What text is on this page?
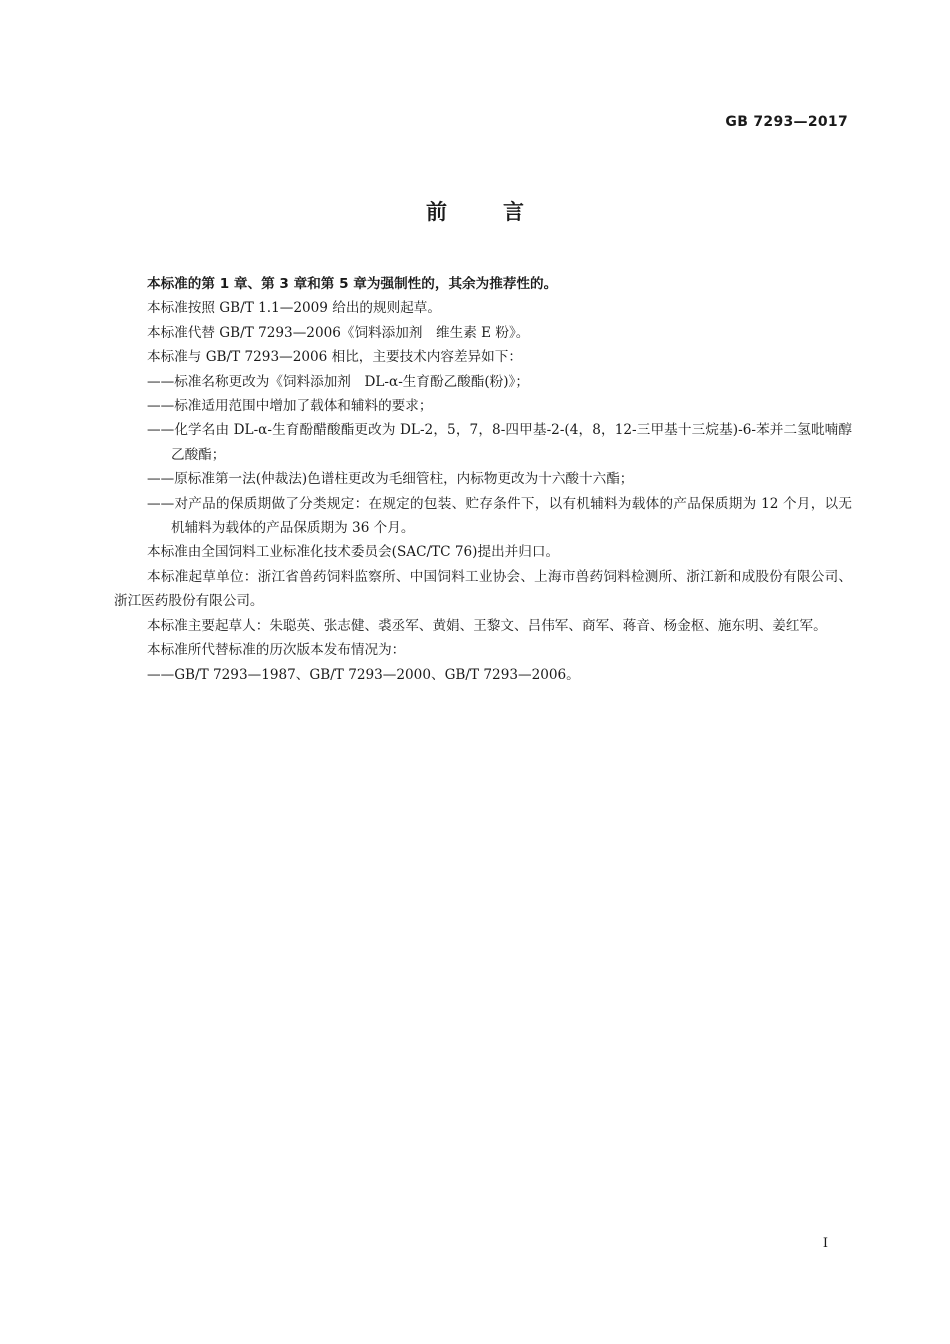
GB 7293—2017
前言

本标准的第 1 章、第 3 章和第 5 章为强制性的，其余为推荐性的。

本标准按照 GB/T 1.1—2009 给出的规则起草。

本标准代替 GB/T 7293—2006《饲料添加剂　维生素 E 粉》。

本标准与 GB/T 7293—2006 相比，主要技术内容差异如下：

——标准名称更改为《饲料添加剂　DL-α-生育酚乙酸酯(粉)》；

——标准适用范围中增加了载体和辅料的要求；

——化学名由 DL-α-生育酚醋酸酯更改为 DL-2，5，7，8-四甲基-2-(4，8，12-三甲基十三烷基)-6-苯并二氢吡喃醇乙酸酯；

——原标准第一法(仲裁法)色谱柱更改为毛细管柱，内标物更改为十六酸十六酯；

——对产品的保质期做了分类规定：在规定的包装、贮存条件下，以有机辅料为载体的产品保质期为 12 个月，以无机辅料为载体的产品保质期为 36 个月。

本标准由全国饲料工业标准化技术委员会(SAC/TC 76)提出并归口。

本标准起草单位：浙江省兽药饲料监察所、中国饲料工业协会、上海市兽药饲料检测所、浙江新和成股份有限公司、浙江医药股份有限公司。

本标准主要起草人：朱聪英、张志健、裘丞军、黄娟、王黎文、吕伟军、商军、蒋音、杨金枢、施东明、姜红军。

本标准所代替标准的历次版本发布情况为：

——GB/T 7293—1987、GB/T 7293—2000、GB/T 7293—2006。

I
